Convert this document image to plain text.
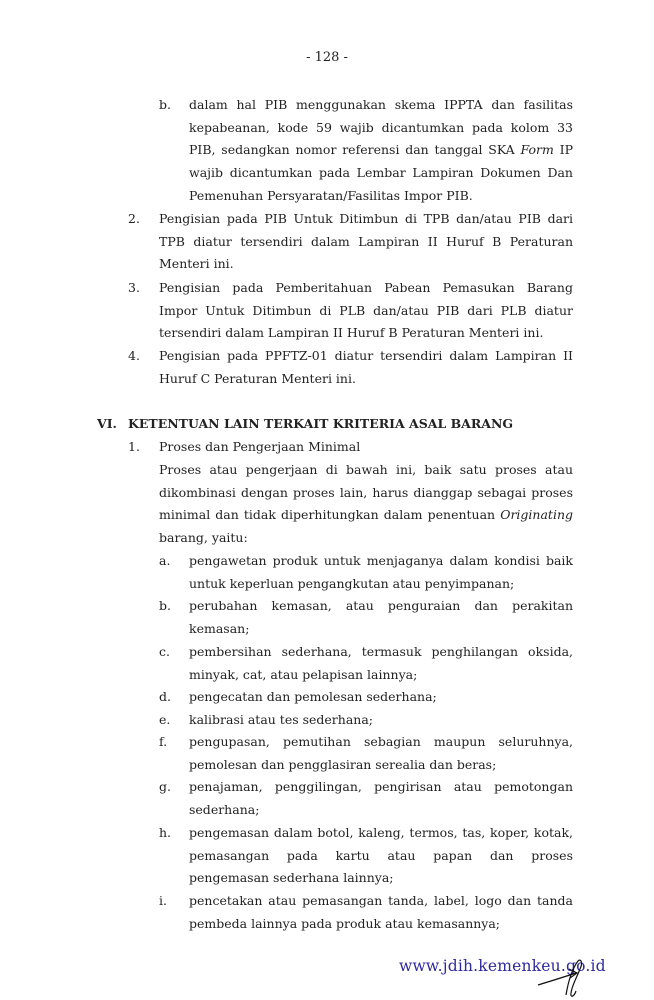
- 128 -
b.	dalam hal PIB menggunakan skema IPPTA dan fasilitas kepabeanan, kode 59 wajib dicantumkan pada kolom 33 PIB, sedangkan nomor referensi dan tanggal SKA Form IP wajib dicantumkan pada Lembar Lampiran Dokumen Dan Pemenuhan Persyaratan/Fasilitas Impor PIB.
2.	Pengisian pada PIB Untuk Ditimbun di TPB dan/atau PIB dari TPB diatur tersendiri dalam Lampiran II Huruf B Peraturan Menteri ini.
3.	Pengisian pada Pemberitahuan Pabean Pemasukan Barang Impor Untuk Ditimbun di PLB dan/atau PIB dari PLB diatur tersendiri dalam Lampiran II Huruf B Peraturan Menteri ini.
4.	Pengisian pada PPFTZ-01 diatur tersendiri dalam Lampiran II Huruf C Peraturan Menteri ini.
VI. KETENTUAN LAIN TERKAIT KRITERIA ASAL BARANG
1.	Proses dan Pengerjaan Minimal
Proses atau pengerjaan di bawah ini, baik satu proses atau dikombinasi dengan proses lain, harus dianggap sebagai proses minimal dan tidak diperhitungkan dalam penentuan Originating barang, yaitu:
a.	pengawetan produk untuk menjaganya dalam kondisi baik untuk keperluan pengangkutan atau penyimpanan;
b.	perubahan kemasan, atau penguraian dan perakitan kemasan;
c.	pembersihan sederhana, termasuk penghilangan oksida, minyak, cat, atau pelapisan lainnya;
d.	pengecatan dan pemolesan sederhana;
e.	kalibrasi atau tes sederhana;
f.	pengupasan, pemutihan sebagian maupun seluruhnya, pemolesan dan pengglasiran serealia dan beras;
g.	penajaman, penggilingan, pengirisan atau pemotongan sederhana;
h.	pengemasan dalam botol, kaleng, termos, tas, koper, kotak, pemasangan pada kartu atau papan dan proses pengemasan sederhana lainnya;
i.	pencetakan atau pemasangan tanda, label, logo dan tanda pembeda lainnya pada produk atau kemasannya;
www.jdih.kemenkeu.go.id
